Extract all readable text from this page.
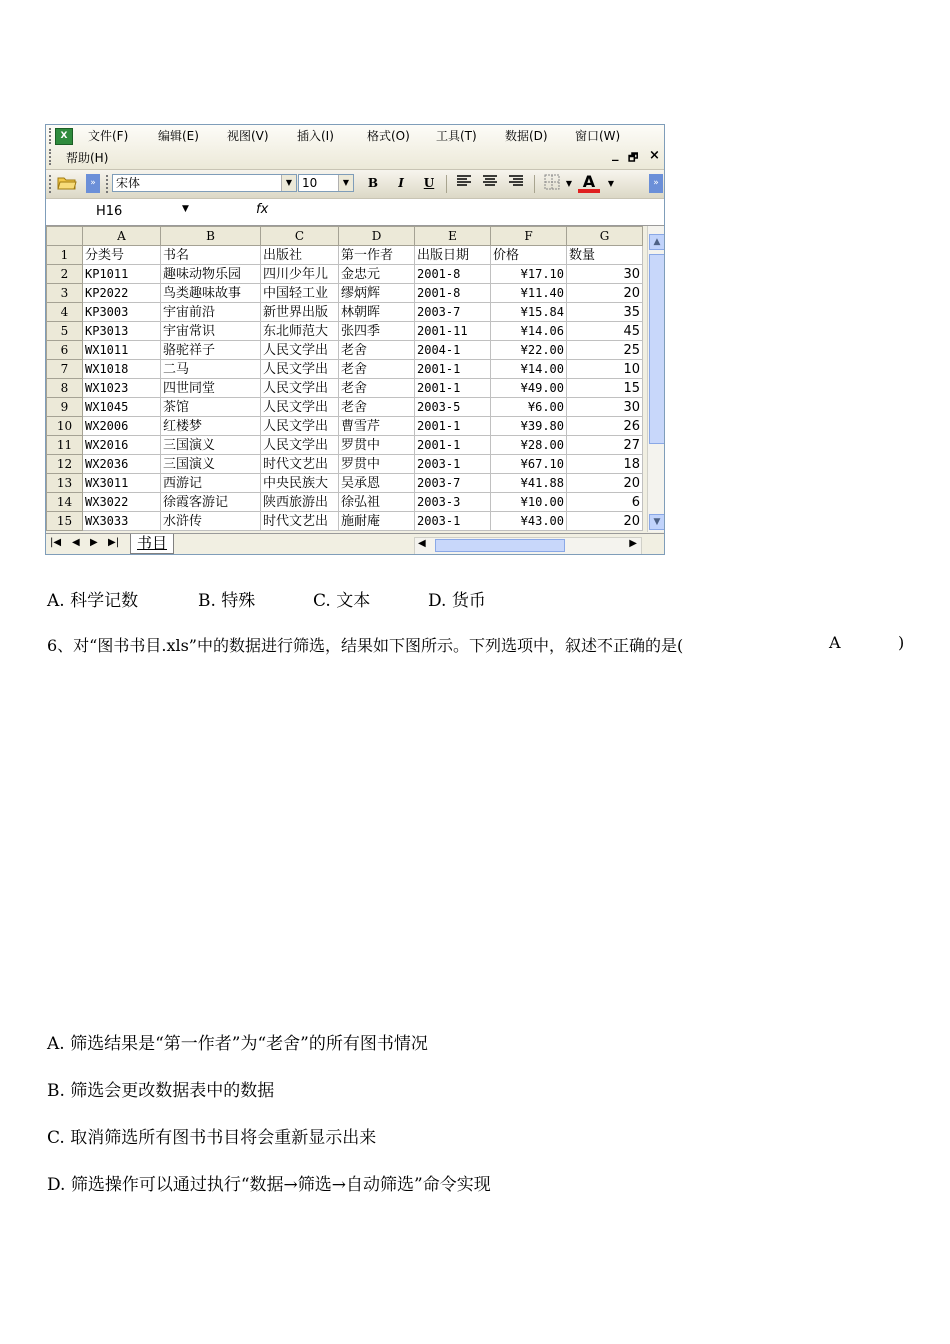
X	文件(F) 编辑(E) 视图(V) 插入(I)	格式(O) 工具(T) 数据(D) 窗口(W)
帮助(H)	_ 🗗 ×
»	宋体	▼ 10	▼	B	I	U	▼ A	▼	»
H16	▼	fx
	A	B	C	D	E	F	G
1	分类号	书名	出版社	第一作者	出版日期	价格	数量
2	KP1011	趣味动物乐园	四川少年儿	金忠元	2001-8	¥17.10	30
3	KP2022	鸟类趣味故事	中国轻工业	缪炳辉	2001-8	¥11.40	20
4	KP3003	宇宙前沿	新世界出版	林朝晖	2003-7	¥15.84	35
5	KP3013	宇宙常识	东北师范大	张四季	2001-11	¥14.06	45
6	WX1011	骆驼祥子	人民文学出	老舍	2004-1	¥22.00	25
7	WX1018	二马	人民文学出	老舍	2001-1	¥14.00	10
8	WX1023	四世同堂	人民文学出	老舍	2001-1	¥49.00	15
9	WX1045	茶馆	人民文学出	老舍	2003-5	¥6.00	30
10	WX2006	红楼梦	人民文学出	曹雪芹	2001-1	¥39.80	26
11	WX2016	三国演义	人民文学出	罗贯中	2001-1	¥28.00	27
12	WX2036	三国演义	时代文艺出	罗贯中	2003-1	¥67.10	18
13	WX3011	西游记	中央民族大	吴承恩	2003-7	¥41.88	20
14	WX3022	徐霞客游记	陕西旅游出	徐弘祖	2003-3	¥10.00	6
15	WX3033	水浒传	时代文艺出	施耐庵	2003-1	¥43.00	20
▲
▼
|◀ ◀ ▶ ▶|	书目	◀	▶
A. 科学记数	B. 特殊	C. 文本	D. 货币
6、对“图书书目.xls”中的数据进行筛选，结果如下图所示。下列选项中，叙述不正确的是(	A	)
A. 筛选结果是“第一作者”为“老舍”的所有图书情况
B. 筛选会更改数据表中的数据
C. 取消筛选所有图书书目将会重新显示出来
D. 筛选操作可以通过执行“数据→筛选→自动筛选”命令实现
